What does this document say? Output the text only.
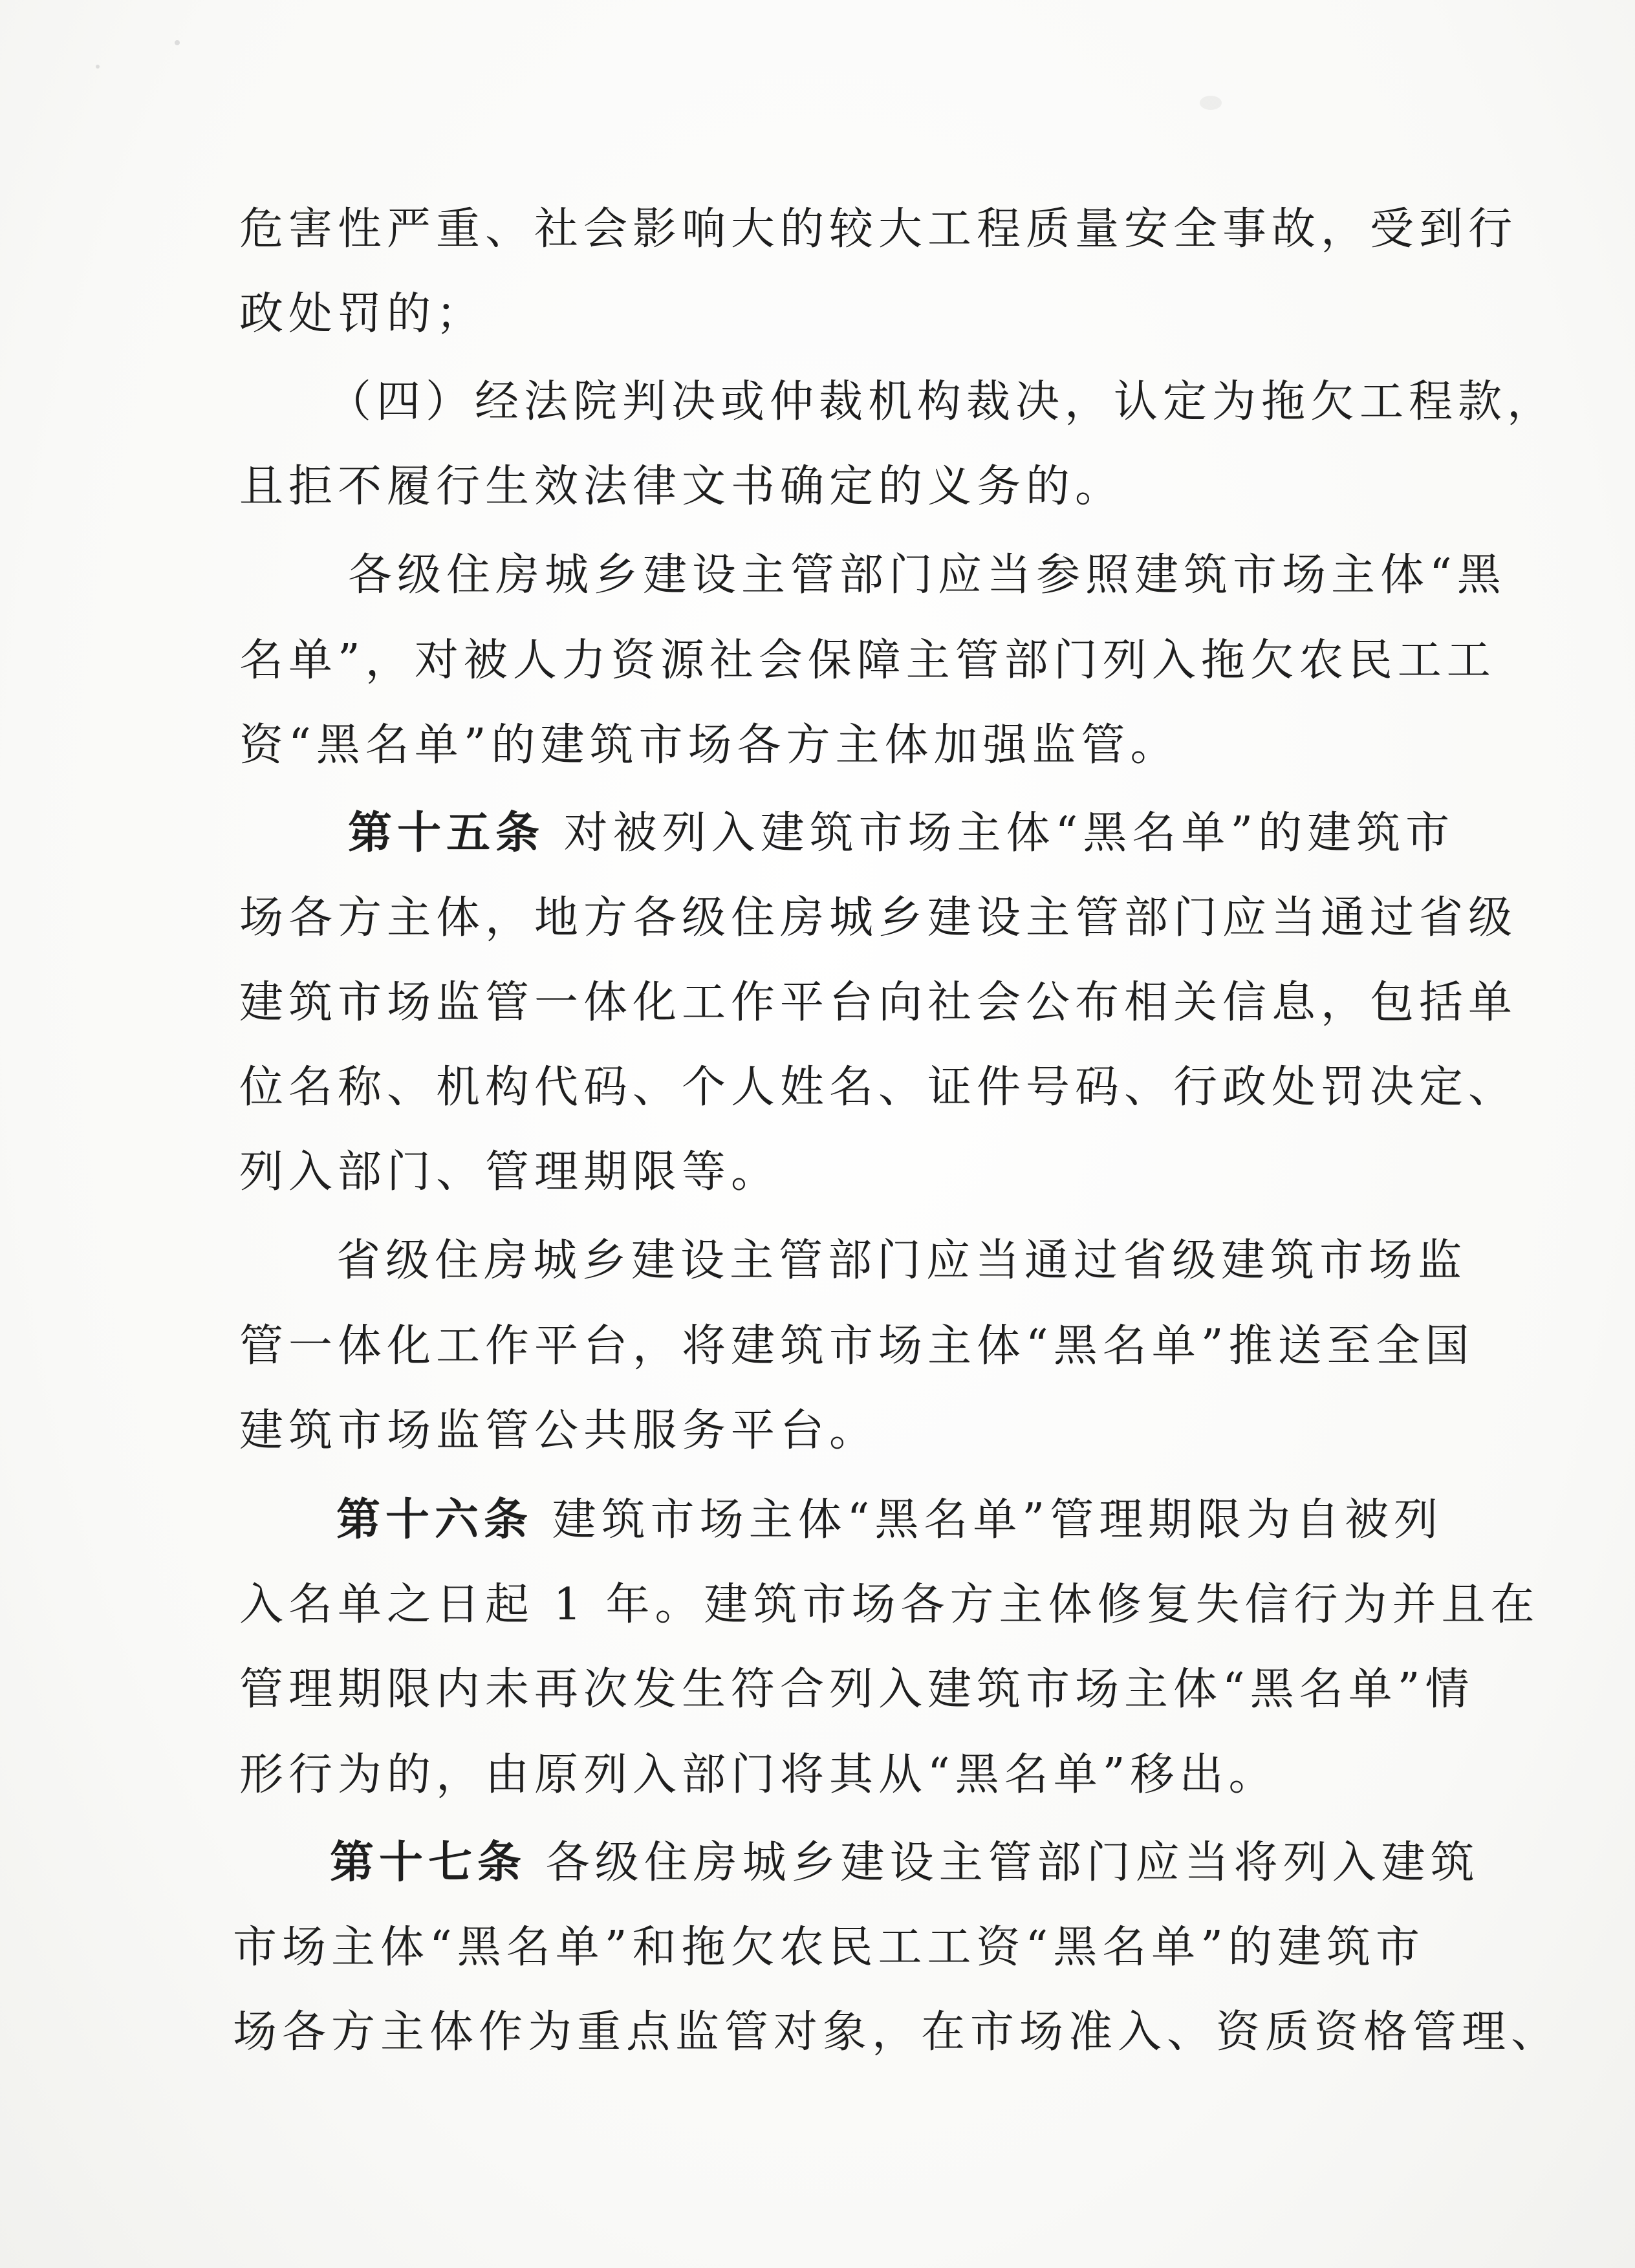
危害性严重、社会影响大的较大工程质量安全事故，受到行
政处罚的；
（四）经法院判决或仲裁机构裁决，认定为拖欠工程款，
且拒不履行生效法律文书确定的义务的。
各级住房城乡建设主管部门应当参照建筑市场主体“黑
名单”，对被人力资源社会保障主管部门列入拖欠农民工工
资“黑名单”的建筑市场各方主体加强监管。
第十五条 对被列入建筑市场主体“黑名单”的建筑市
场各方主体，地方各级住房城乡建设主管部门应当通过省级
建筑市场监管一体化工作平台向社会公布相关信息，包括单
位名称、机构代码、个人姓名、证件号码、行政处罚决定、
列入部门、管理期限等。
省级住房城乡建设主管部门应当通过省级建筑市场监
管一体化工作平台，将建筑市场主体“黑名单”推送至全国
建筑市场监管公共服务平台。
第十六条 建筑市场主体“黑名单”管理期限为自被列
入名单之日起 1 年。建筑市场各方主体修复失信行为并且在
管理期限内未再次发生符合列入建筑市场主体“黑名单”情
形行为的，由原列入部门将其从“黑名单”移出。
第十七条 各级住房城乡建设主管部门应当将列入建筑
市场主体“黑名单”和拖欠农民工工资“黑名单”的建筑市
场各方主体作为重点监管对象，在市场准入、资质资格管理、
